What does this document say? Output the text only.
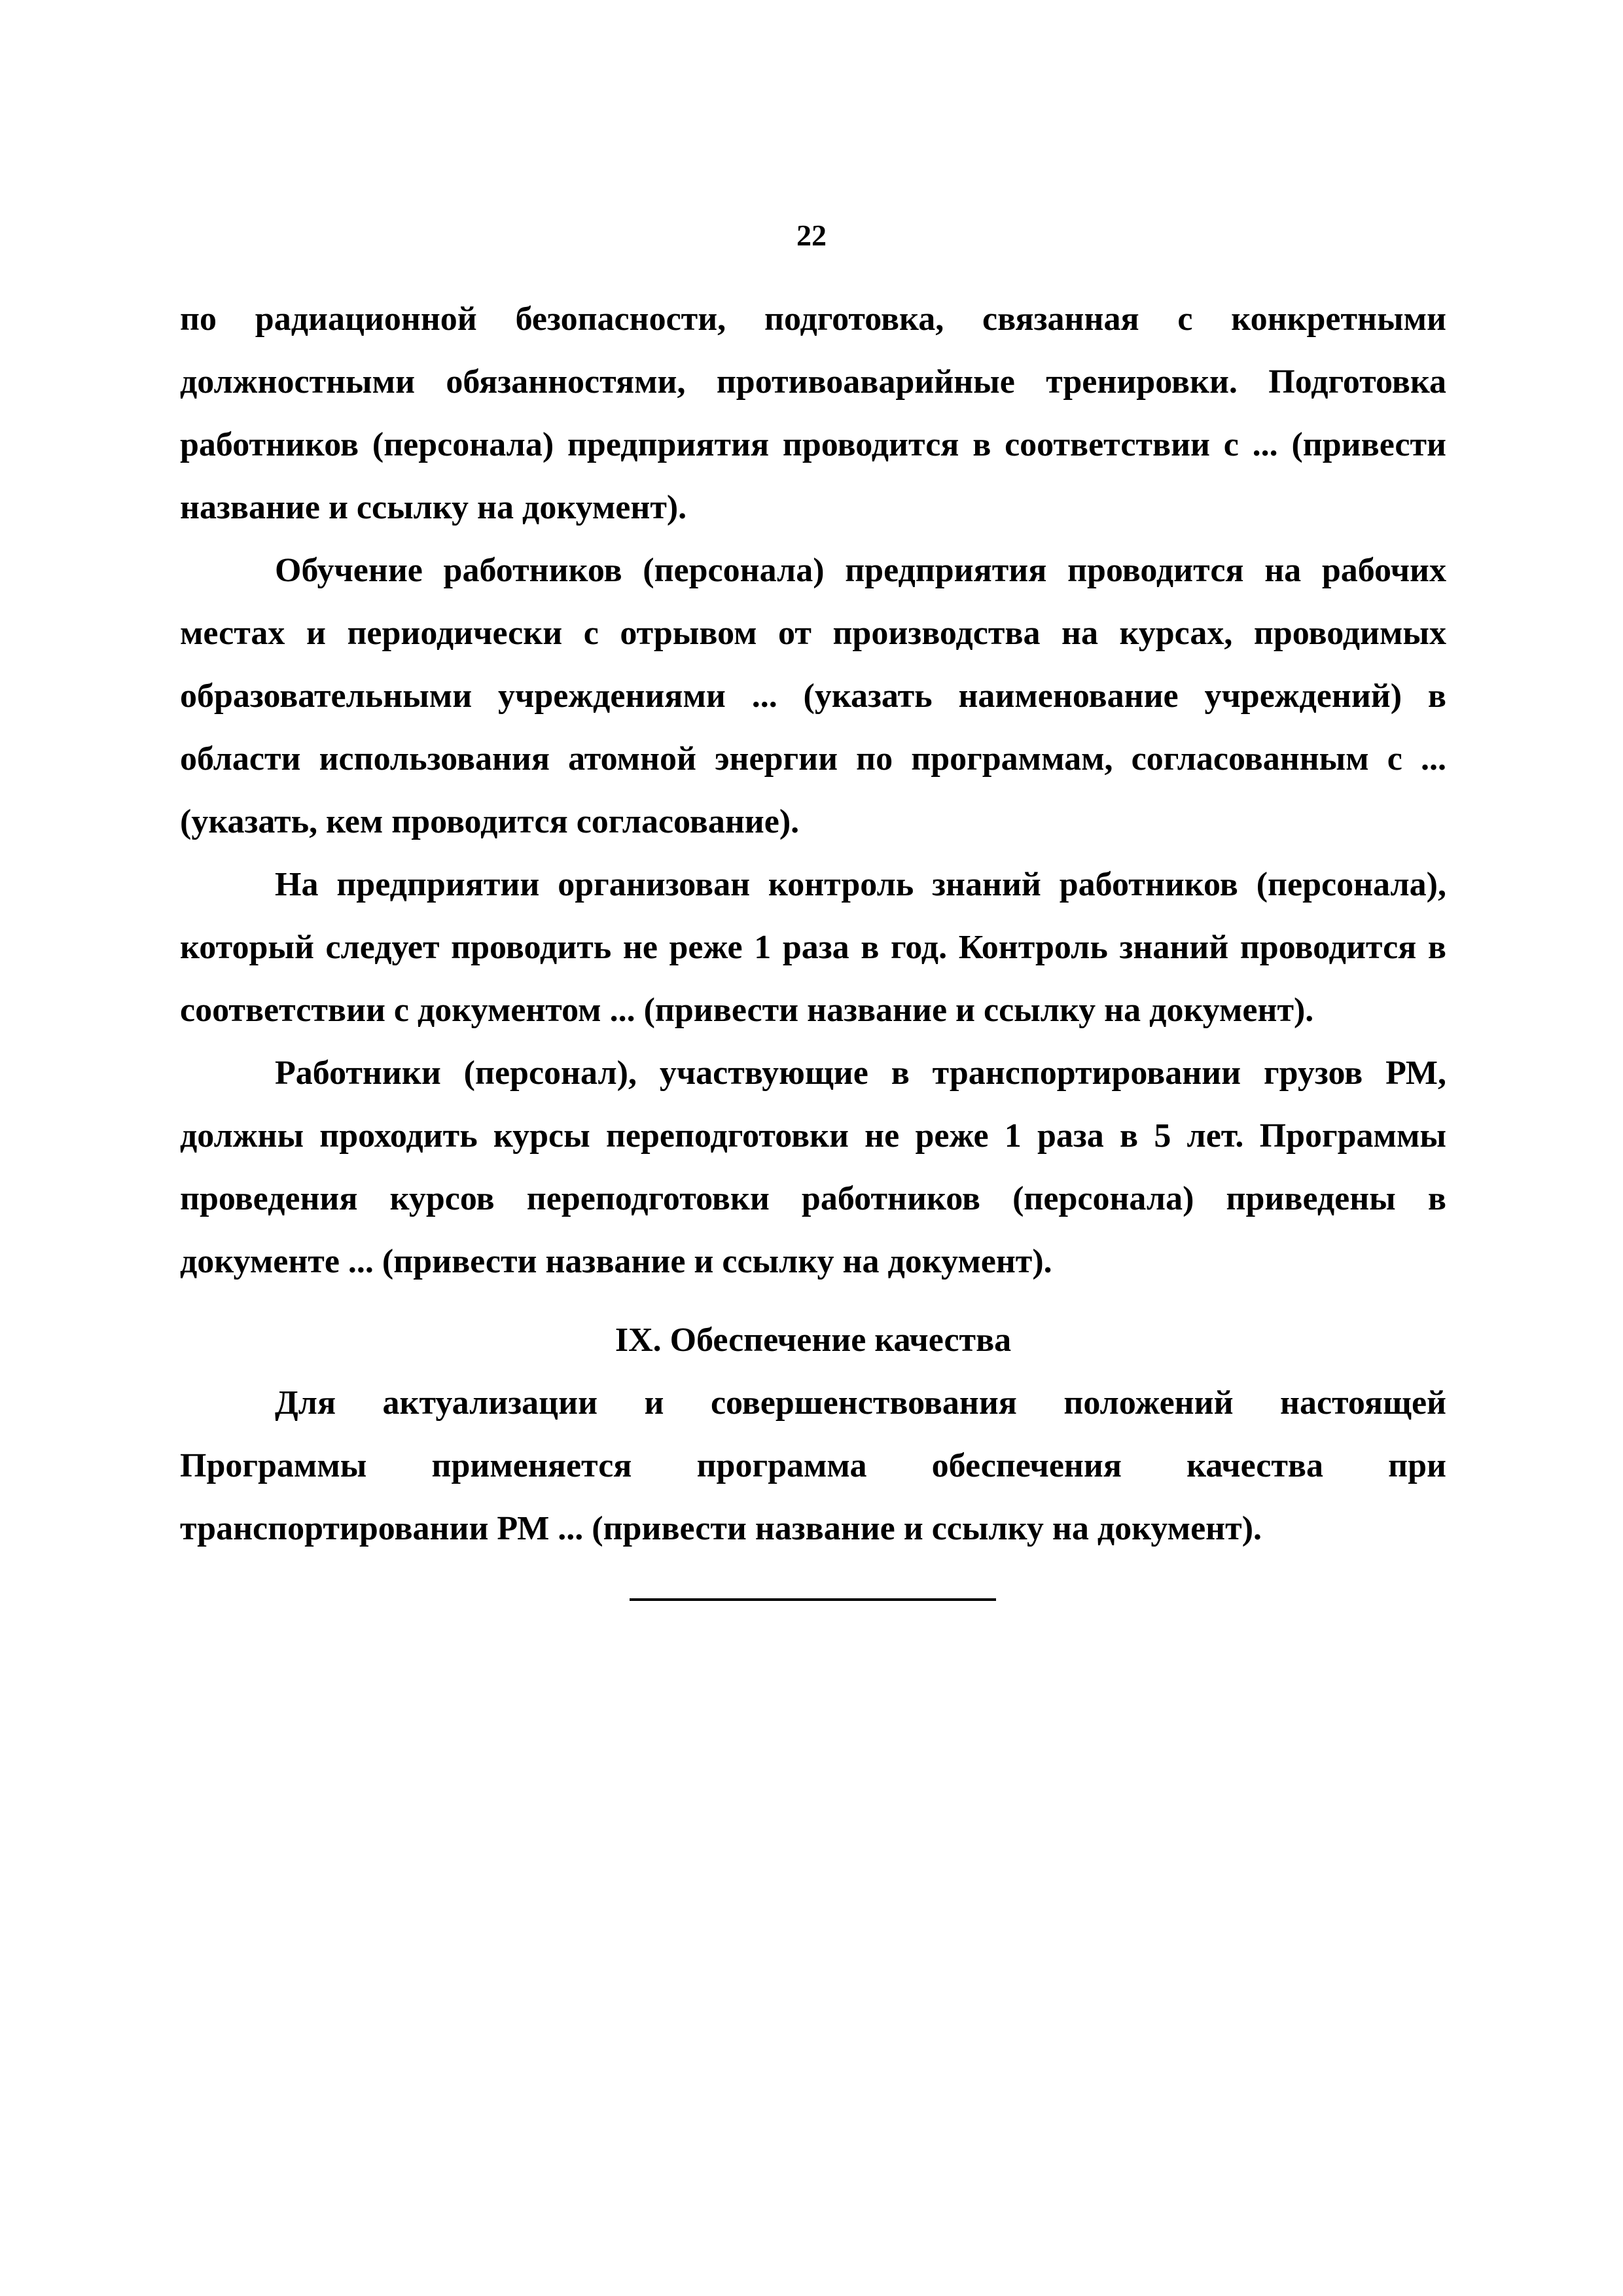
22

по радиационной безопасности, подготовка, связанная с конкретными должностными обязанностями, противоаварийные тренировки. Подготовка работников (персонала) предприятия проводится в соответствии с ... (привести название и ссылку на документ).

Обучение работников (персонала) предприятия проводится на рабочих местах и периодически с отрывом от производства на курсах, проводимых образовательными учреждениями ... (указать наименование учреждений) в области использования атомной энергии по программам, согласованным с ... (указать, кем проводится согласование).

На предприятии организован контроль знаний работников (персонала), который следует проводить не реже 1 раза в год. Контроль знаний проводится в соответствии с документом ... (привести название и ссылку на документ).

Работники (персонал), участвующие в транспортировании грузов РМ, должны проходить курсы переподготовки не реже 1 раза в 5 лет. Программы проведения курсов переподготовки работников (персонала) приведены в документе ... (привести название и ссылку на документ).

IX. Обеспечение качества

Для актуализации и совершенствования положений настоящей Программы применяется программа обеспечения качества при транспортировании РМ ... (привести название и ссылку на документ).
